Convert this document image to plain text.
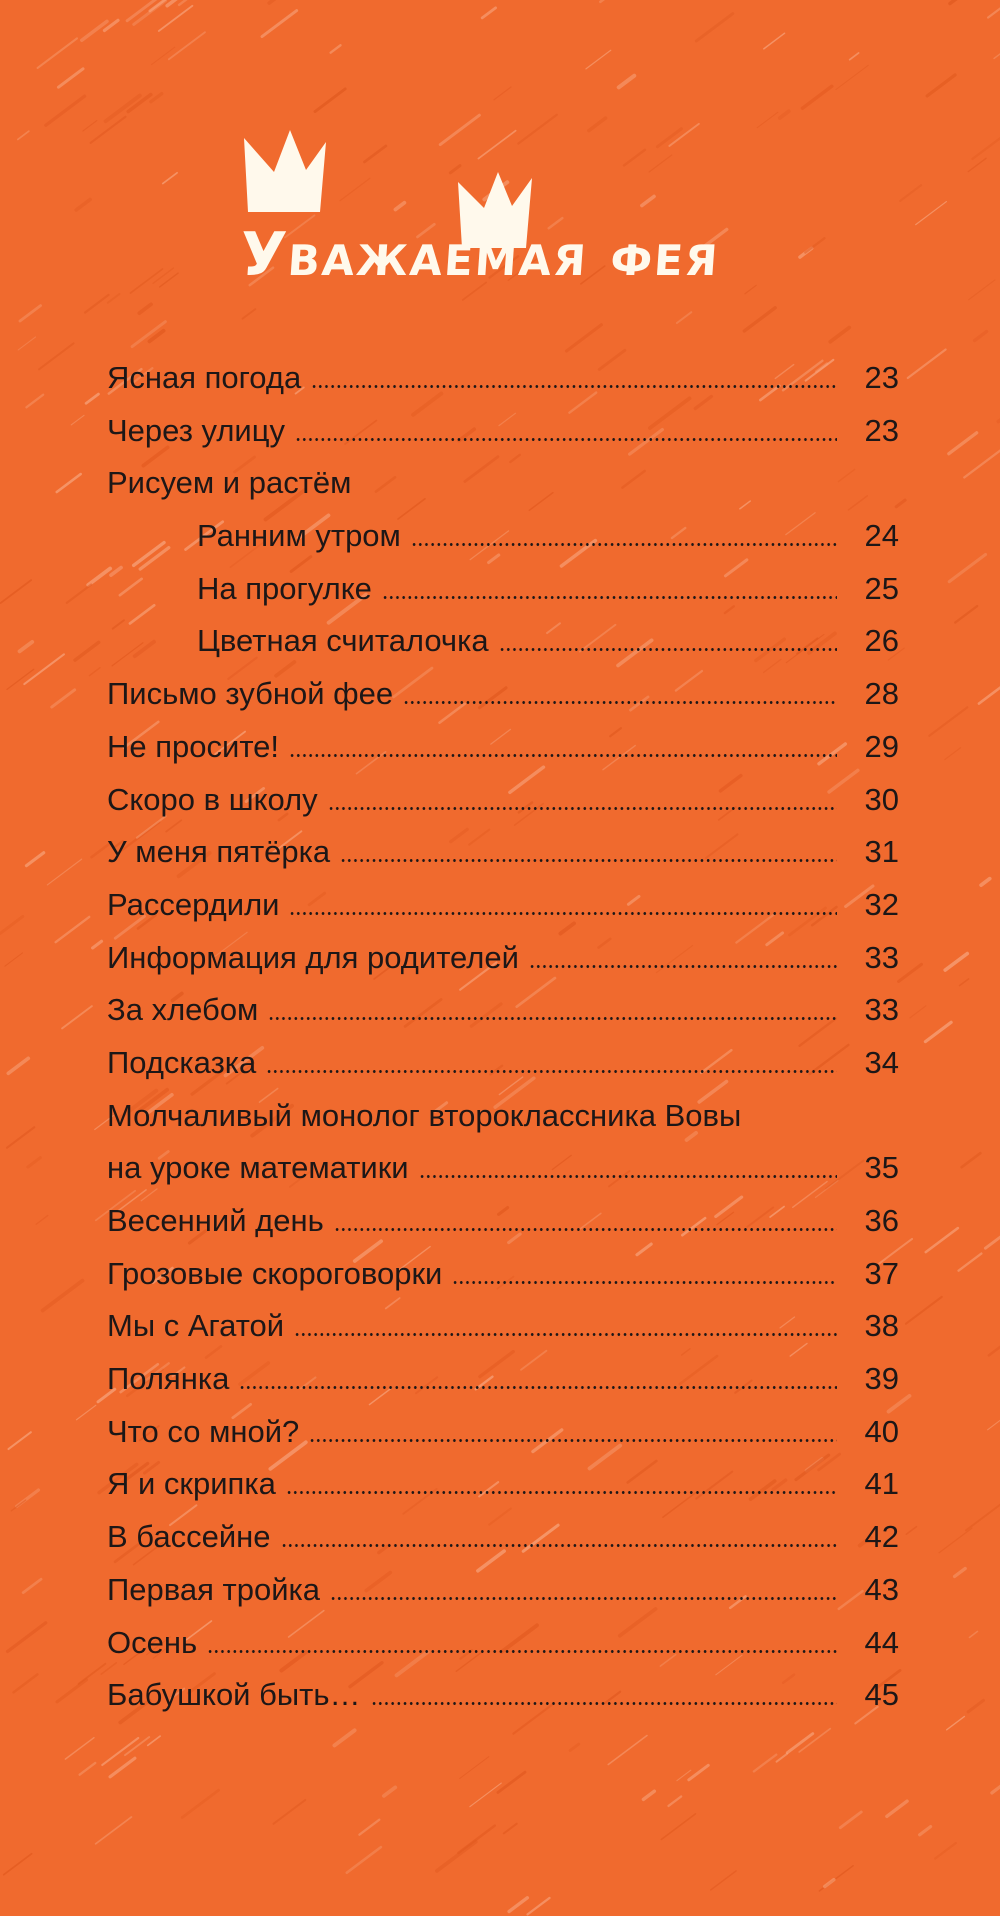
Уважаемая фея
Ясная погода	23
Через улицу	23
Рисуем и растём
Ранним утром	24
На прогулке	25
Цветная считалочка	26
Письмо зубной фее	28
Не просите!	29
Скоро в школу	30
У меня пятёрка	31
Рассердили	32
Информация для родителей	33
За хлебом	33
Подсказка	34
Молчаливый монолог второклассника Вовы
на уроке математики	35
Весенний день	36
Грозовые скороговорки	37
Мы с Агатой	38
Полянка	39
Что со мной?	40
Я и скрипка	41
В бассейне	42
Первая тройка	43
Осень	44
Бабушкой быть…	45
